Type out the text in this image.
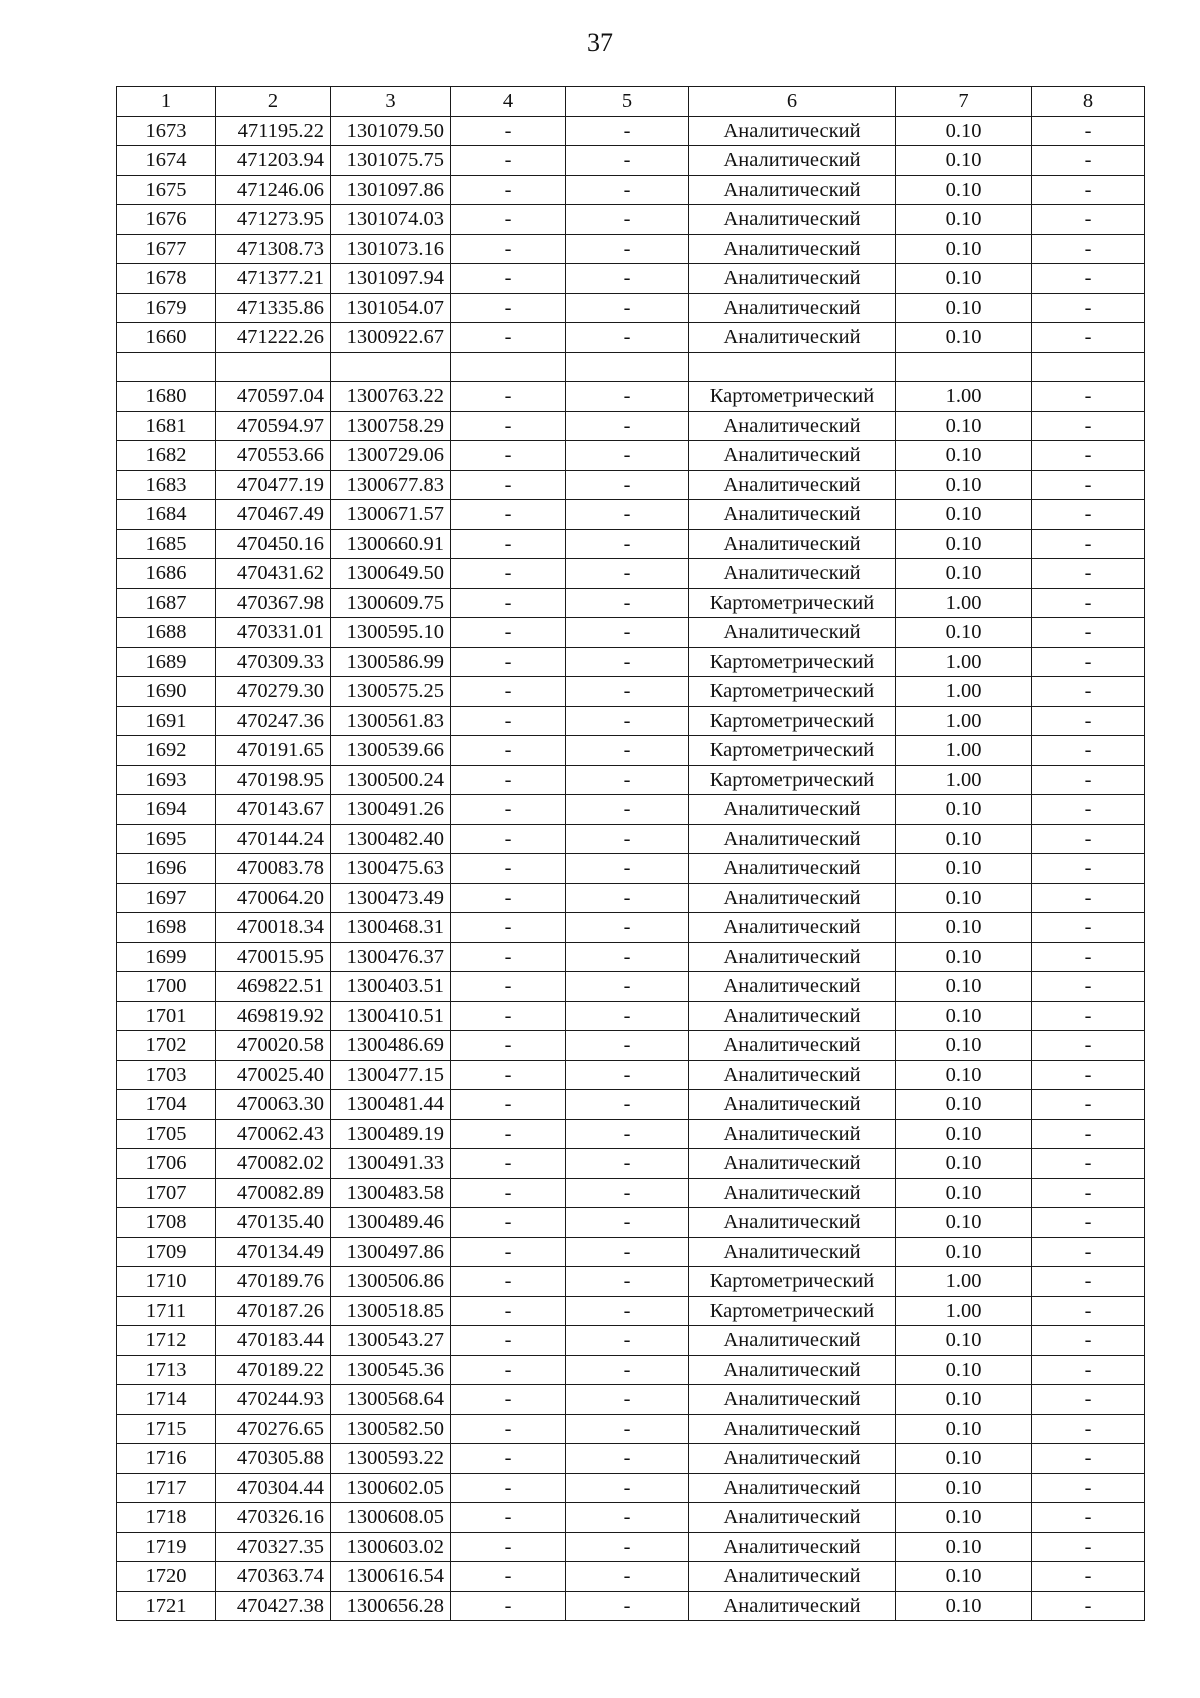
37
1	2	3	4	5	6	7	8
1673	471195.22	1301079.50	-	-	Аналитический	0.10	-
1674	471203.94	1301075.75	-	-	Аналитический	0.10	-
1675	471246.06	1301097.86	-	-	Аналитический	0.10	-
1676	471273.95	1301074.03	-	-	Аналитический	0.10	-
1677	471308.73	1301073.16	-	-	Аналитический	0.10	-
1678	471377.21	1301097.94	-	-	Аналитический	0.10	-
1679	471335.86	1301054.07	-	-	Аналитический	0.10	-
1660	471222.26	1300922.67	-	-	Аналитический	0.10	-

1680	470597.04	1300763.22	-	-	Картометрический	1.00	-
1681	470594.97	1300758.29	-	-	Аналитический	0.10	-
1682	470553.66	1300729.06	-	-	Аналитический	0.10	-
1683	470477.19	1300677.83	-	-	Аналитический	0.10	-
1684	470467.49	1300671.57	-	-	Аналитический	0.10	-
1685	470450.16	1300660.91	-	-	Аналитический	0.10	-
1686	470431.62	1300649.50	-	-	Аналитический	0.10	-
1687	470367.98	1300609.75	-	-	Картометрический	1.00	-
1688	470331.01	1300595.10	-	-	Аналитический	0.10	-
1689	470309.33	1300586.99	-	-	Картометрический	1.00	-
1690	470279.30	1300575.25	-	-	Картометрический	1.00	-
1691	470247.36	1300561.83	-	-	Картометрический	1.00	-
1692	470191.65	1300539.66	-	-	Картометрический	1.00	-
1693	470198.95	1300500.24	-	-	Картометрический	1.00	-
1694	470143.67	1300491.26	-	-	Аналитический	0.10	-
1695	470144.24	1300482.40	-	-	Аналитический	0.10	-
1696	470083.78	1300475.63	-	-	Аналитический	0.10	-
1697	470064.20	1300473.49	-	-	Аналитический	0.10	-
1698	470018.34	1300468.31	-	-	Аналитический	0.10	-
1699	470015.95	1300476.37	-	-	Аналитический	0.10	-
1700	469822.51	1300403.51	-	-	Аналитический	0.10	-
1701	469819.92	1300410.51	-	-	Аналитический	0.10	-
1702	470020.58	1300486.69	-	-	Аналитический	0.10	-
1703	470025.40	1300477.15	-	-	Аналитический	0.10	-
1704	470063.30	1300481.44	-	-	Аналитический	0.10	-
1705	470062.43	1300489.19	-	-	Аналитический	0.10	-
1706	470082.02	1300491.33	-	-	Аналитический	0.10	-
1707	470082.89	1300483.58	-	-	Аналитический	0.10	-
1708	470135.40	1300489.46	-	-	Аналитический	0.10	-
1709	470134.49	1300497.86	-	-	Аналитический	0.10	-
1710	470189.76	1300506.86	-	-	Картометрический	1.00	-
1711	470187.26	1300518.85	-	-	Картометрический	1.00	-
1712	470183.44	1300543.27	-	-	Аналитический	0.10	-
1713	470189.22	1300545.36	-	-	Аналитический	0.10	-
1714	470244.93	1300568.64	-	-	Аналитический	0.10	-
1715	470276.65	1300582.50	-	-	Аналитический	0.10	-
1716	470305.88	1300593.22	-	-	Аналитический	0.10	-
1717	470304.44	1300602.05	-	-	Аналитический	0.10	-
1718	470326.16	1300608.05	-	-	Аналитический	0.10	-
1719	470327.35	1300603.02	-	-	Аналитический	0.10	-
1720	470363.74	1300616.54	-	-	Аналитический	0.10	-
1721	470427.38	1300656.28	-	-	Аналитический	0.10	-
